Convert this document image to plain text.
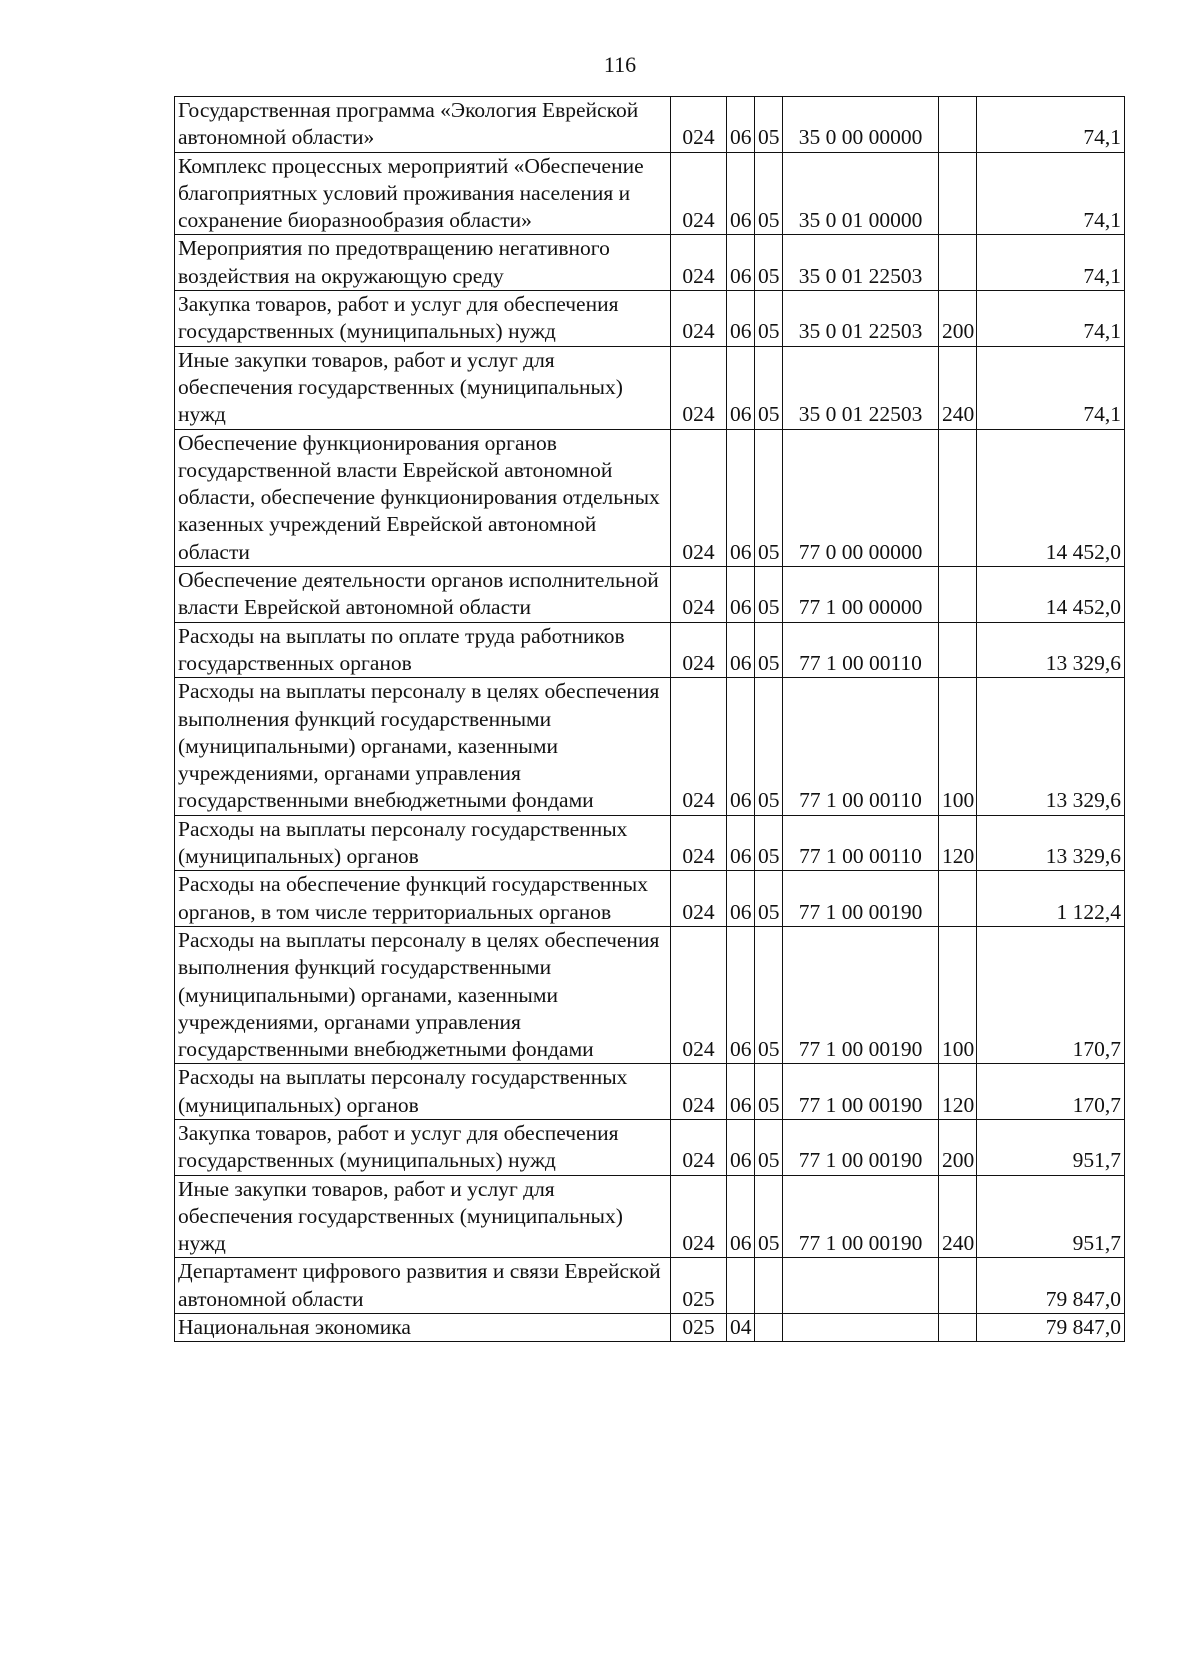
116
Государственная программа «Экология Еврейской автономной области»	024	06	05	35 0 00 00000		74,1
Комплекс процессных мероприятий «Обеспечение благоприятных условий проживания населения и сохранение биоразнообразия области»	024	06	05	35 0 01 00000		74,1
Мероприятия по предотвращению негативного воздействия на окружающую среду	024	06	05	35 0 01 22503		74,1
Закупка товаров, работ и услуг для обеспечения государственных (муниципальных) нужд	024	06	05	35 0 01 22503	200	74,1
Иные закупки товаров, работ и услуг для обеспечения государственных (муниципальных) нужд	024	06	05	35 0 01 22503	240	74,1
Обеспечение функционирования органов государственной власти Еврейской автономной области, обеспечение функционирования отдельных казенных учреждений Еврейской автономной области	024	06	05	77 0 00 00000		14 452,0
Обеспечение деятельности органов исполнительной власти Еврейской автономной области	024	06	05	77 1 00 00000		14 452,0
Расходы на выплаты по оплате труда работников государственных органов	024	06	05	77 1 00 00110		13 329,6
Расходы на выплаты персоналу в целях обеспечения выполнения функций государственными (муниципальными) органами, казенными учреждениями, органами управления государственными внебюджетными фондами	024	06	05	77 1 00 00110	100	13 329,6
Расходы на выплаты персоналу государственных (муниципальных) органов	024	06	05	77 1 00 00110	120	13 329,6
Расходы на обеспечение функций государственных органов, в том числе территориальных органов	024	06	05	77 1 00 00190		1 122,4
Расходы на выплаты персоналу в целях обеспечения выполнения функций государственными (муниципальными) органами, казенными учреждениями, органами управления государственными внебюджетными фондами	024	06	05	77 1 00 00190	100	170,7
Расходы на выплаты персоналу государственных (муниципальных) органов	024	06	05	77 1 00 00190	120	170,7
Закупка товаров, работ и услуг для обеспечения государственных (муниципальных) нужд	024	06	05	77 1 00 00190	200	951,7
Иные закупки товаров, работ и услуг для обеспечения государственных (муниципальных) нужд	024	06	05	77 1 00 00190	240	951,7
Департамент цифрового развития и связи Еврейской автономной области	025					79 847,0
Национальная экономика	025	04				79 847,0
